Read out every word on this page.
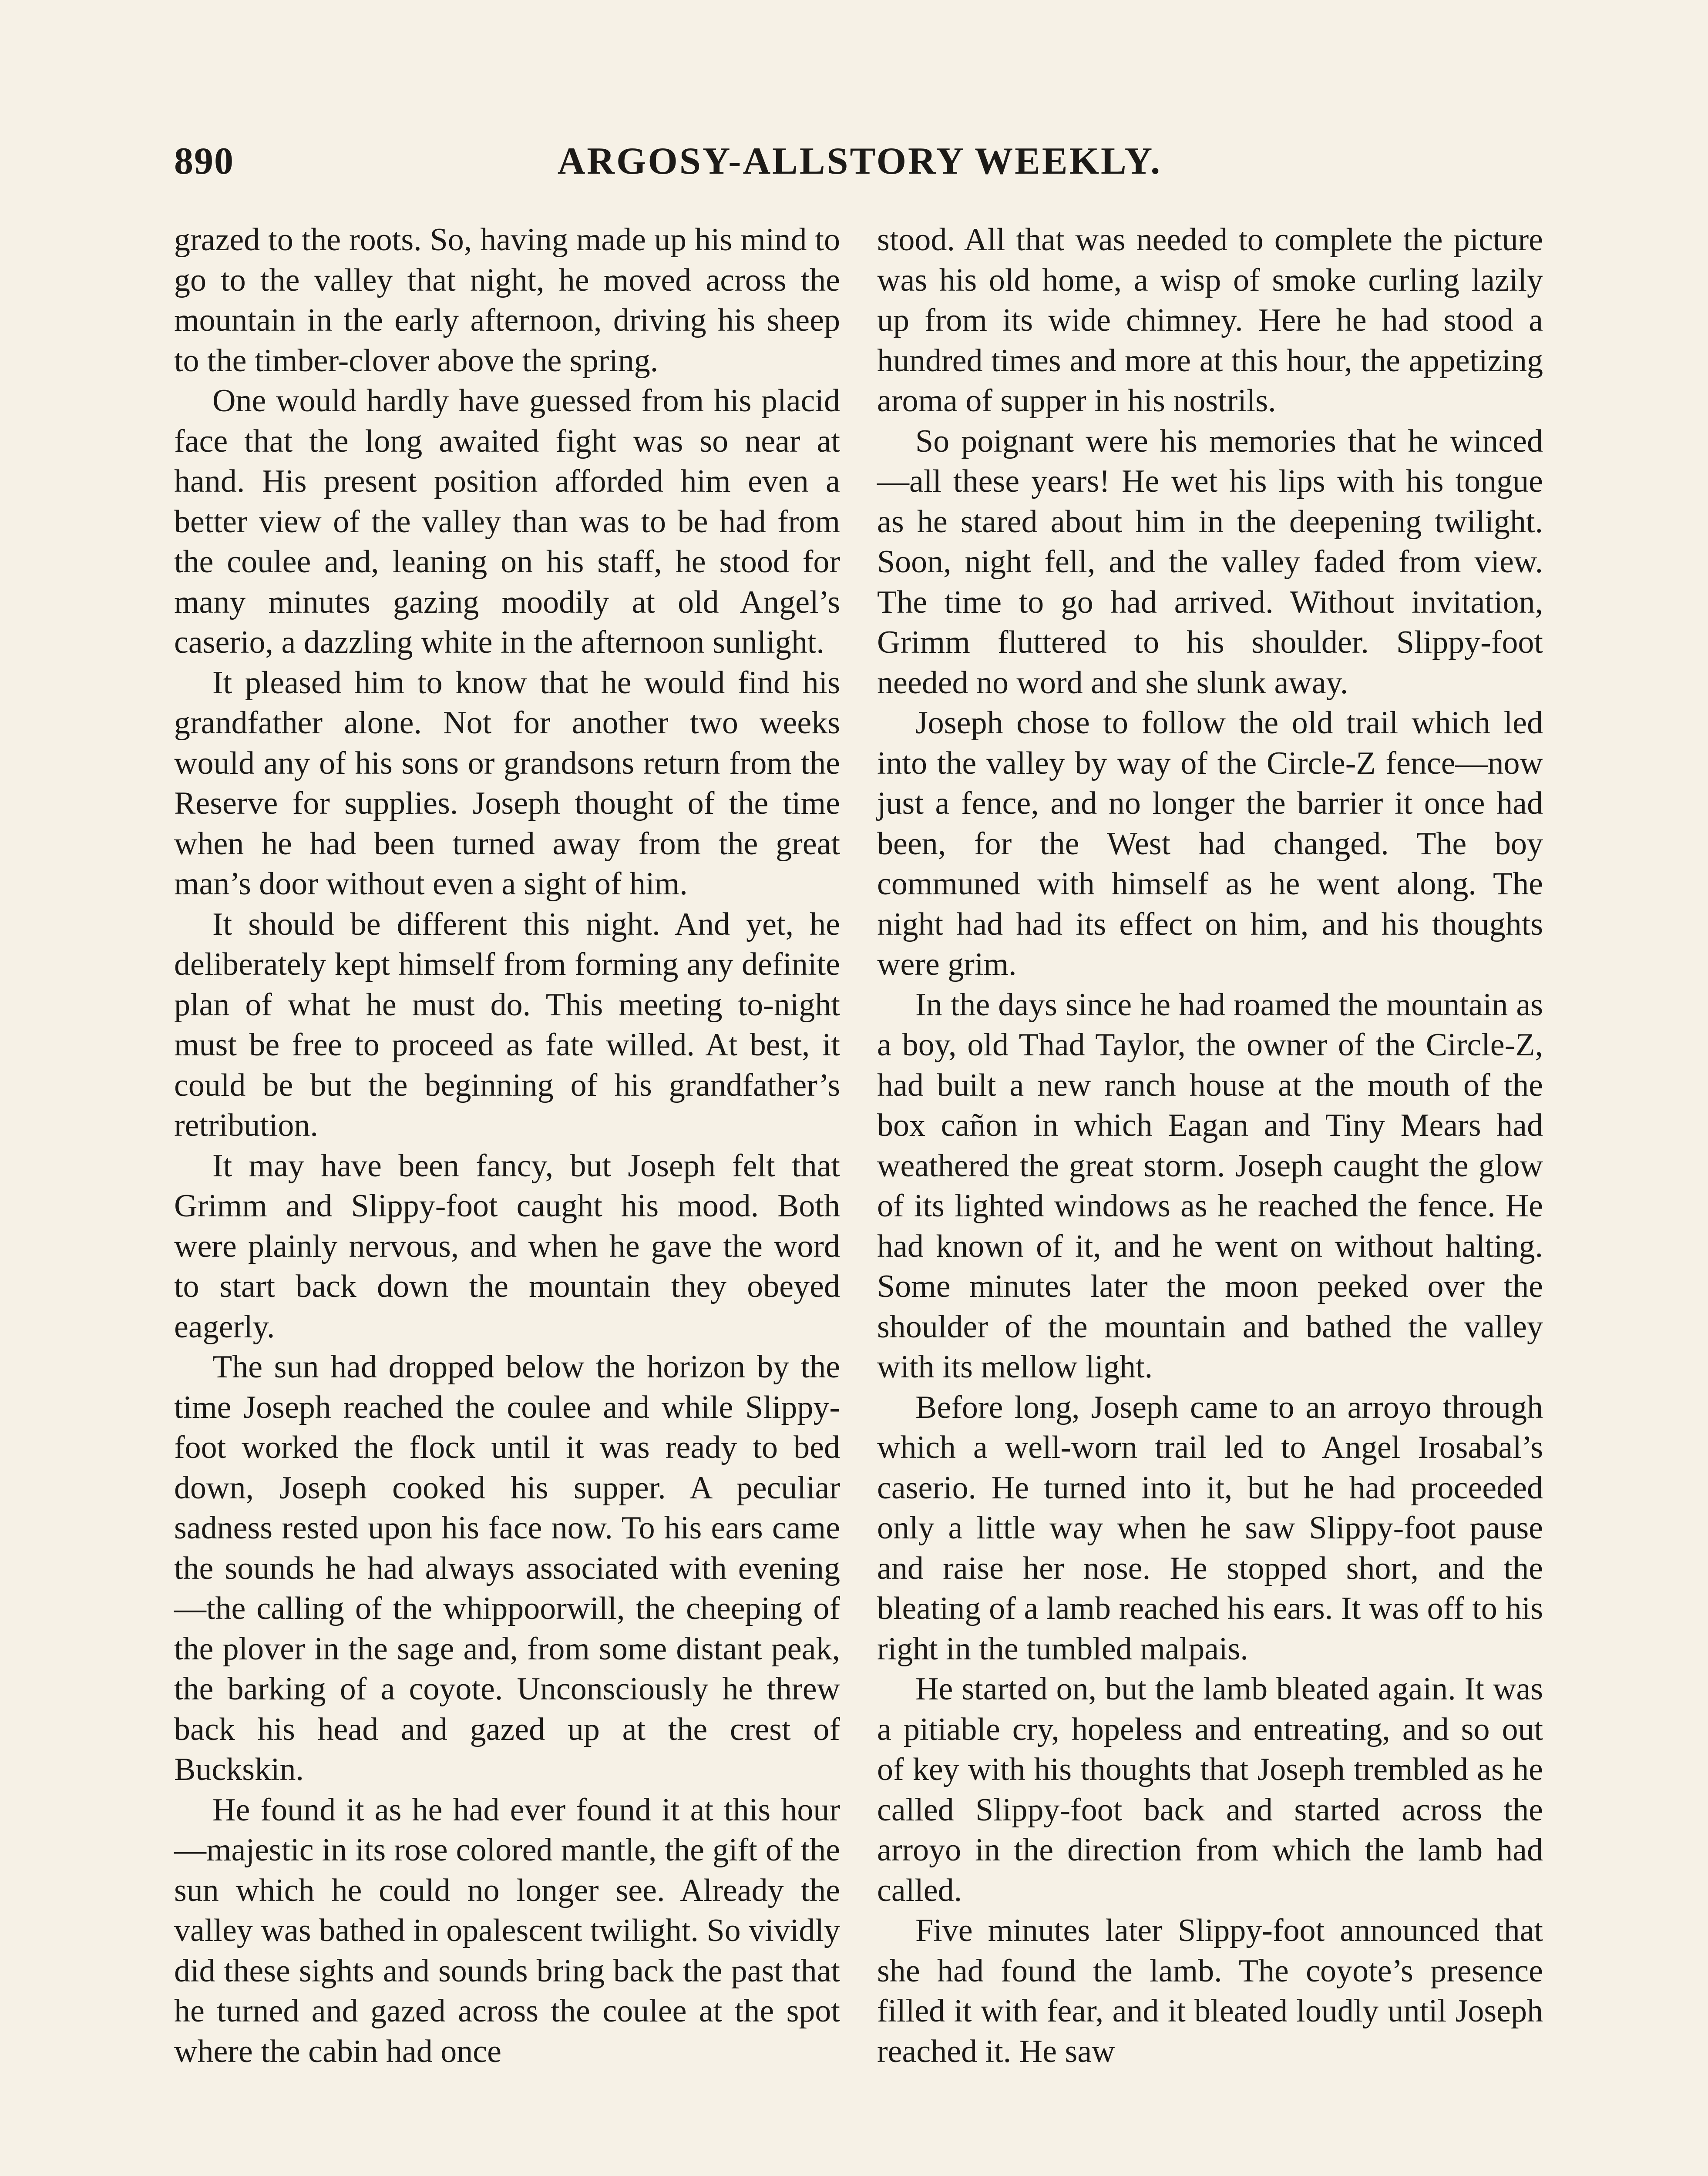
890	ARGOSY-ALLSTORY WEEKLY.

grazed to the roots. So, having made up his mind to go to the valley that night, he moved across the mountain in the early afternoon, driving his sheep to the timber-clover above the spring.

One would hardly have guessed from his placid face that the long awaited fight was so near at hand. His present position afforded him even a better view of the valley than was to be had from the coulee and, leaning on his staff, he stood for many minutes gazing moodily at old Angel’s caserio, a dazzling white in the afternoon sunlight.

It pleased him to know that he would find his grandfather alone. Not for another two weeks would any of his sons or grandsons return from the Reserve for supplies. Joseph thought of the time when he had been turned away from the great man’s door without even a sight of him.

It should be different this night. And yet, he deliberately kept himself from forming any definite plan of what he must do. This meeting to-night must be free to proceed as fate willed. At best, it could be but the beginning of his grandfather’s retribution.

It may have been fancy, but Joseph felt that Grimm and Slippy-foot caught his mood. Both were plainly nervous, and when he gave the word to start back down the mountain they obeyed eagerly.

The sun had dropped below the horizon by the time Joseph reached the coulee and while Slippy-foot worked the flock until it was ready to bed down, Joseph cooked his supper. A peculiar sadness rested upon his face now. To his ears came the sounds he had always associated with evening—the calling of the whippoorwill, the cheeping of the plover in the sage and, from some distant peak, the barking of a coyote. Unconsciously he threw back his head and gazed up at the crest of Buckskin.

He found it as he had ever found it at this hour—majestic in its rose colored mantle, the gift of the sun which he could no longer see. Already the valley was bathed in opalescent twilight. So vividly did these sights and sounds bring back the past that he turned and gazed across the coulee at the spot where the cabin had once

stood. All that was needed to complete the picture was his old home, a wisp of smoke curling lazily up from its wide chimney. Here he had stood a hundred times and more at this hour, the appetizing aroma of supper in his nostrils.

So poignant were his memories that he winced—all these years! He wet his lips with his tongue as he stared about him in the deepening twilight. Soon, night fell, and the valley faded from view. The time to go had arrived. Without invitation, Grimm fluttered to his shoulder. Slippy-foot needed no word and she slunk away.

Joseph chose to follow the old trail which led into the valley by way of the Circle-Z fence—now just a fence, and no longer the barrier it once had been, for the West had changed. The boy communed with himself as he went along. The night had had its effect on him, and his thoughts were grim.

In the days since he had roamed the mountain as a boy, old Thad Taylor, the owner of the Circle-Z, had built a new ranch house at the mouth of the box cañon in which Eagan and Tiny Mears had weathered the great storm. Joseph caught the glow of its lighted windows as he reached the fence. He had known of it, and he went on without halting. Some minutes later the moon peeked over the shoulder of the mountain and bathed the valley with its mellow light.

Before long, Joseph came to an arroyo through which a well-worn trail led to Angel Irosabal’s caserio. He turned into it, but he had proceeded only a little way when he saw Slippy-foot pause and raise her nose. He stopped short, and the bleating of a lamb reached his ears. It was off to his right in the tumbled malpais.

He started on, but the lamb bleated again. It was a pitiable cry, hopeless and entreating, and so out of key with his thoughts that Joseph trembled as he called Slippy-foot back and started across the arroyo in the direction from which the lamb had called.

Five minutes later Slippy-foot announced that she had found the lamb. The coyote’s presence filled it with fear, and it bleated loudly until Joseph reached it. He saw
